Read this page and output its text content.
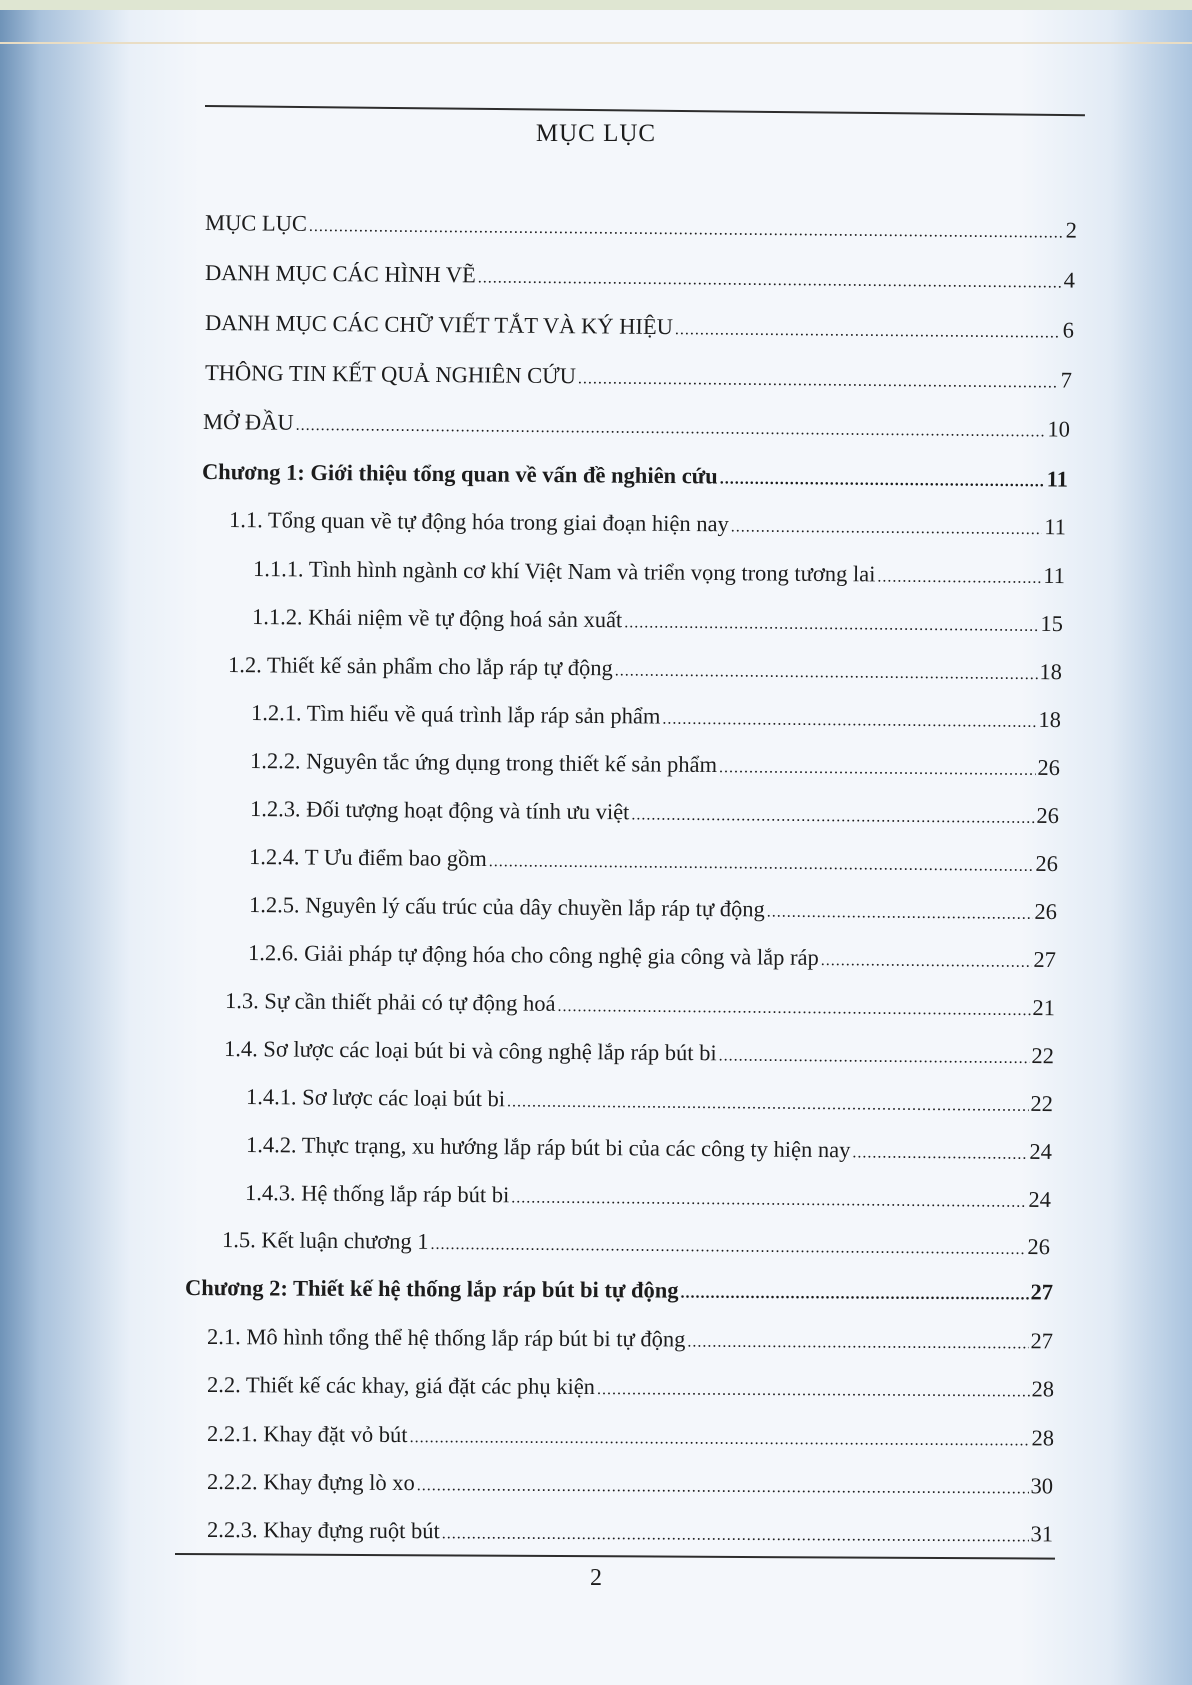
MỤC LỤC
MỤC LỤC .....	2
DANH MỤC CÁC HÌNH VẼ .....	4
DANH MỤC CÁC CHỮ VIẾT TẮT VÀ KÝ HIỆU .....	6
THÔNG TIN KẾT QUẢ NGHIÊN CỨU .....	7
MỞ ĐẦU .....	10
Chương 1: Giới thiệu tổng quan về vấn đề nghiên cứu .....	11
1.1. Tổng quan về tự động hóa trong giai đoạn hiện nay .....	11
1.1.1. Tình hình ngành cơ khí Việt Nam và triển vọng trong tương lai .....	11
1.1.2. Khái niệm về tự động hoá sản xuất .....	15
1.2. Thiết kế sản phẩm cho lắp ráp tự động .....	18
1.2.1. Tìm hiểu về quá trình lắp ráp sản phẩm .....	18
1.2.2. Nguyên tắc ứng dụng trong thiết kế sản phẩm .....	26
1.2.3. Đối tượng hoạt động và tính ưu việt .....	26
1.2.4. T Ưu điểm bao gồm .....	26
1.2.5. Nguyên lý cấu trúc của dây chuyền lắp ráp tự động .....	26
1.2.6. Giải pháp tự động hóa cho công nghệ gia công và lắp ráp .....	27
1.3. Sự cần thiết phải có tự động hoá .....	21
1.4. Sơ lược các loại bút bi và công nghệ lắp ráp bút bi .....	22
1.4.1. Sơ lược các loại bút bi .....	22
1.4.2. Thực trạng, xu hướng lắp ráp bút bi của các công ty hiện nay .....	24
1.4.3. Hệ thống lắp ráp bút bi .....	24
1.5. Kết luận chương 1 .....	26
Chương 2: Thiết kế hệ thống lắp ráp bút bi tự động .....	27
2.1. Mô hình tổng thể hệ thống lắp ráp bút bi tự động .....	27
2.2. Thiết kế các khay, giá đặt các phụ kiện .....	28
2.2.1. Khay đặt vỏ bút .....	28
2.2.2. Khay đựng lò xo .....	30
2.2.3. Khay đựng ruột bút .....	31
2
